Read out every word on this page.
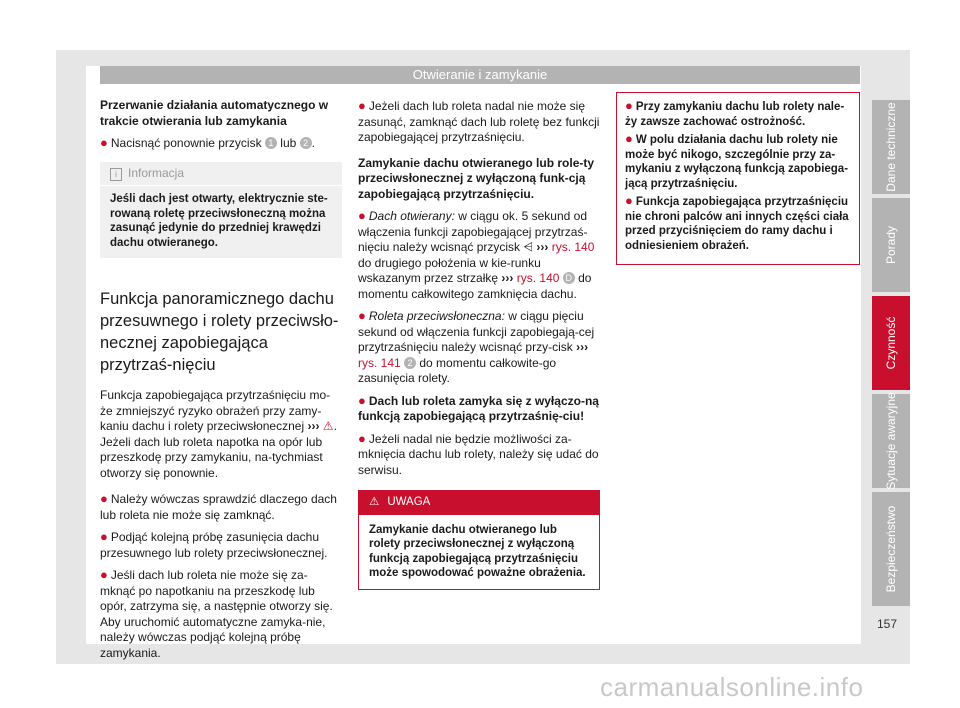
Otwieranie i zamykanie

Przerwanie działania automatycznego w trakcie otwierania lub zamykania

● Nacisnąć ponownie przycisk 1 lub 2 .

i Informacja
Jeśli dach jest otwarty, elektrycznie ste-rowaną roletę przeciwsłoneczną można zasunąć jedynie do przedniej krawędzi dachu otwieranego.
Funkcja panoramicznego dachu przesuwnego i rolety przeciwsło-necznej zapobiegająca przytrzaś-nięciu

Funkcja zapobiegająca przytrzaśnięciu mo-że zmniejszyć ryzyko obrażeń przy zamy-kaniu dachu i rolety przeciwsłonecznej ››› ⚠. Jeżeli dach lub roleta napotka na opór lub przeszkodę przy zamykaniu, na-tychmiast otworzy się ponownie.

● Należy wówczas sprawdzić dlaczego dach lub roleta nie może się zamknąć.

● Podjąć kolejną próbę zasunięcia dachu przesuwnego lub rolety przeciwsłonecznej.

● Jeśli dach lub roleta nie może się za-mknąć po napotkaniu na przeszkodę lub opór, zatrzyma się, a następnie otworzy się. Aby uruchomić automatyczne zamyka-nie, należy wówczas podjąć kolejną próbę zamykania.

● Jeżeli dach lub roleta nadal nie może się zasunąć, zamknąć dach lub roletę bez funkcji zapobiegającej przytrzaśnięciu.

Zamykanie dachu otwieranego lub role-ty przeciwsłonecznej z wyłączoną funk-cją zapobiegającą przytrzaśnięciu.

● Dach otwierany: w ciągu ok. 5 sekund od włączenia funkcji zapobiegającej przytrzaś-nięciu należy wcisnąć przycisk ⩤ ››› rys. 140 do drugiego położenia w kie-runku wskazanym przez strzałkę ››› rys. 140 D do momentu całkowitego zamknięcia dachu.

● Roleta przeciwsłoneczna: w ciągu pięciu sekund od włączenia funkcji zapobiegają-cej przytrzaśnięciu należy wcisnąć przy-cisk ››› rys. 141 2 do momentu całkowite-go zasunięcia rolety.

● Dach lub roleta zamyka się z wyłączo-ną funkcją zapobiegającą przytrzaśnię-ciu!

● Jeżeli nadal nie będzie możliwości za-mknięcia dachu lub rolety, należy się udać do serwisu.

⚠ UWAGA
Zamykanie dachu otwieranego lub rolety przeciwsłonecznej z wyłączoną funkcją zapobiegającą przytrzaśnięciu może spowodować poważne obrażenia.

● Przy zamykaniu dachu lub rolety nale-ży zawsze zachować ostrożność.

● W polu działania dachu lub rolety nie może być nikogo, szczególnie przy za-mykaniu z wyłączoną funkcją zapobiega-jącą przytrzaśnięciu.

● Funkcja zapobiegająca przytrzaśnięciu nie chroni palców ani innych części ciała przed przyciśnięciem do ramy dachu i odniesieniem obrażeń.

Dane techniczne
Porady
Czynność
Sytuacje awaryjne
Bezpieczeństwo
157
carmanualsonline.info
